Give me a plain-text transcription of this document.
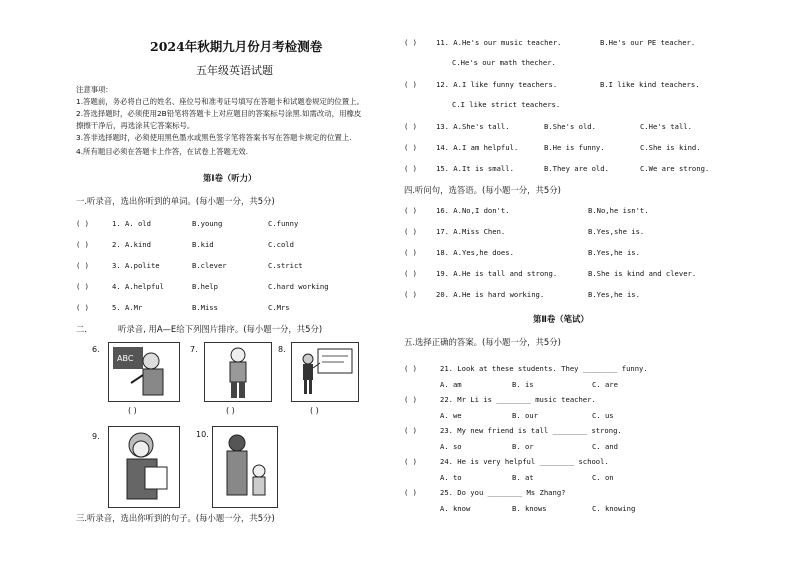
2024年秋期九月份月考检测卷
五年级英语试题
注意事项:
1.答题前，务必将自己的姓名、座位号和准考证号填写在答题卡和试题卷规定的位置上。
2.答选择题时，必须使用2B铅笔将答题卡上对应题目的答案标号涂黑.如需改动，用橡皮
擦擦干净后，再选涂其它答案标号。
3.答非选择题时，必须使用黑色墨水或黑色签字笔将答案书写在答题卡规定的位置上.
4.所有题目必须在答题卡上作答，在试卷上答题无效.
第I卷（听力）
一.听录音，选出你听到的单词。(每小题一分，共5分)
( )	1. A. old	B.young	C.funny
( )	2. A.kind	B.kid	C.cold
( )	3. A.polite	B.clever	C.strict
( )	4. A.helpful	B.help	C.hard working
( )	5. A.Mr	B.Miss	C.Mrs
二.	听录音, 用A—E给下列图片排序。(每小题一分，共5分)
6.
ABC
( )
7.
( )
8.
( )
9.	10.
三.听录音，选出你听到的句子。(每小题一分，共5分)
( )	11. A.He's our music teacher.	B.He's our PE teacher.
C.He's our math thecher.
( )	12. A.I like funny teachers.	B.I like kind teachers.
C.I like strict teachers.
( )	13. A.She's tall.	B.She's old.	C.He's tall.
( )	14. A.I am helpful.	B.He is funny.	C.She is kind.
( )	15. A.It is small.	B.They are old.	C.We are strong.
四.听问句，选答语。(每小题一分，共5分)
( )	16. A.No,I don't.	B.No,he isn't.
( )	17. A.Miss Chen.	B.Yes,she is.
( )	18. A.Yes,he does.	B.Yes,he is.
( )	19. A.He is tall and strong.	B.She is kind and clever.
( )	20. A.He is hard working.	B.Yes,he is.
第Ⅱ卷（笔试）
五.选择正确的答案。(每小题一分，共5分)
( )	21. Look at these students. They ________ funny.
A. am	B. is	C. are
( )	22. Mr Li is ________ music teacher.
A. we	B. our	C. us
( )	23. My new friend is tall ________ strong.
A. so	B. or	C. and
( )	24. He is very helpful ________ school.
A. to	B. at	C. on
( )	25. Do you ________ Ms Zhang?
A. know	B. knows	C. knowing
